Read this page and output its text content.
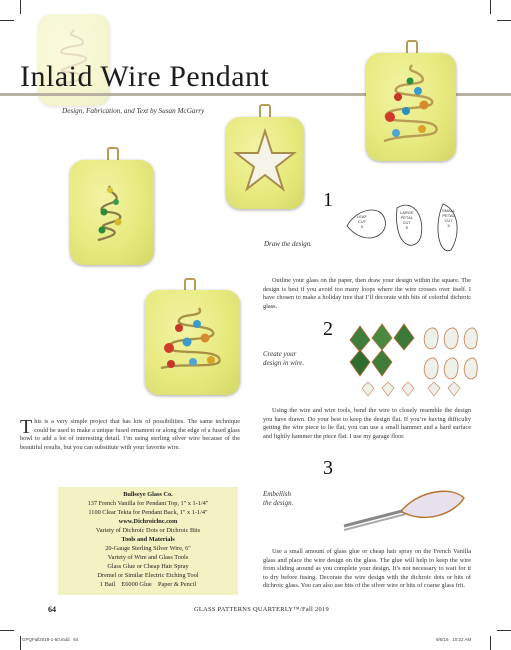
Inlaid Wire Pendant
Design, Fabrication, and Text by Susan McGarry
1
Draw the design.
LEAF
CUT
5
LARGE
PETAL
CUT
5
SMALL
PETAL
CUT
5

Outline your glass on the paper, then draw your design within the square. The design is best if you avoid too many loops where the wire crosses over itself. I have chosen to make a holiday tree that I’ll decorate with bits of colorful dichroic glass.

2
Create your
design in wire.
This is a very simple project that has lots of possibilities. The same technique could be used to make a unique fused ornament or along the edge of a fused glass bowl to add a lot of interesting detail. I’m using sterling silver wire because of the beautiful results, but you can substitute with your favorite wire.

Using the wire and wire tools, bend the wire to closely resemble the design you have drawn. Do your best to keep the design flat. If you’re having difficulty getting the wire piece to lie flat, you can use a small hammer and a hard surface and lightly hammer the piece flat. I use my garage floor.

3
Embellish
the design.

Use a small amount of glass glue or cheap hair spray on the French Vanilla glass and place the wire design on the glass. The glue will help to keep the wire from sliding around as you complete your design. It’s not necessary to wait for it to dry before fusing. Decorate the wire design with the dichroic dots or bits of dichroic glass. You can also use bits of the silver wire or bits of coarse glass frit.

Bullseye Glass Co.
137 French Vanilla for Pendant Top, 1" x 1-1/4"
1100 Clear Tekta for Pendant Back, 1" x 1-1/4"
www.Dichroiclnc.com
Variety of Dichroic Dots or Dichroic Bits
Tools and Materials
20-Gauge Sterling Silver Wire, 6"
Variety of Wire and Glass Tools
Glass Glue or Cheap Hair Spray
Dremel or Similar Electric Etching Tool
1 Bail    E6000 Glue    Paper & Pencil
64	GLASS PATTERNS QUARTERLY™/Fall 2019
GPQFall2019-1-50.indd   64	9/5/19   10:22 AM
